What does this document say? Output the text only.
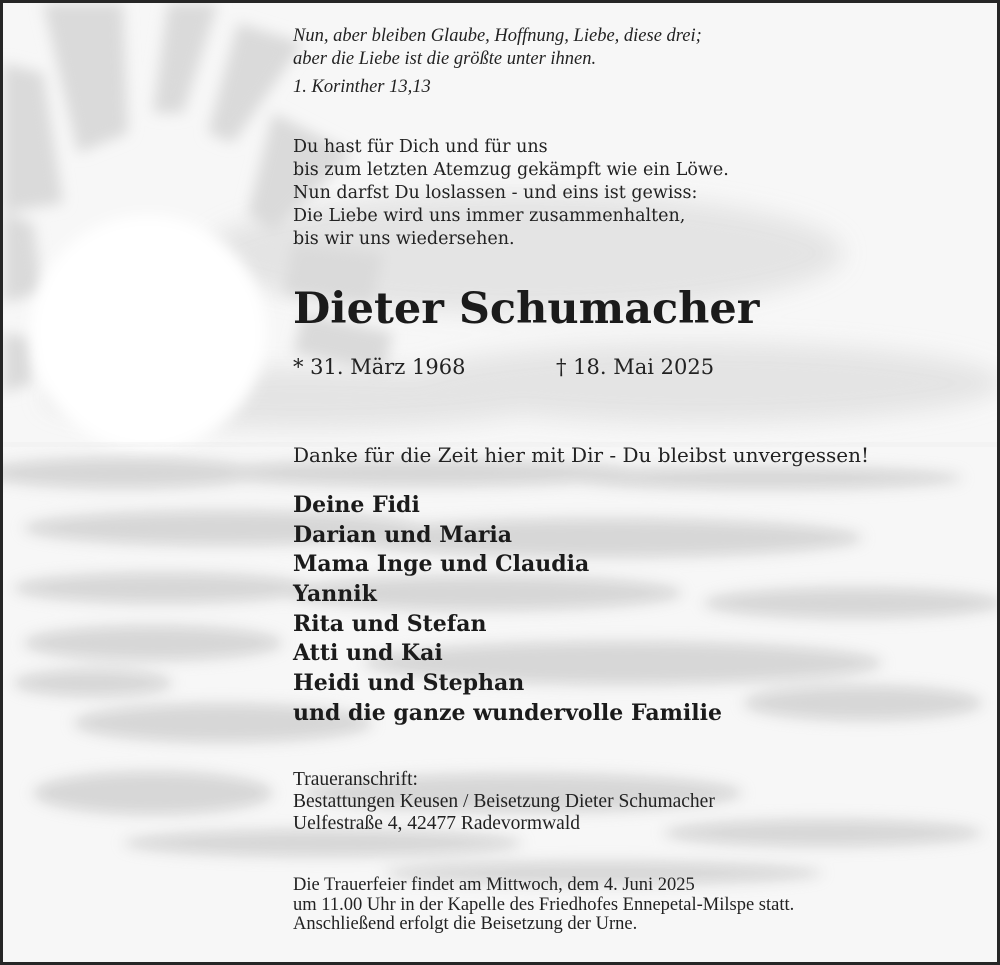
Nun, aber bleiben Glaube, Hoffnung, Liebe, diese drei;
aber die Liebe ist die größte unter ihnen.
1. Korinther 13,13
Du hast für Dich und für uns
bis zum letzten Atemzug gekämpft wie ein Löwe.
Nun darfst Du loslassen - und eins ist gewiss:
Die Liebe wird uns immer zusammenhalten,
bis wir uns wiedersehen.
Dieter Schumacher
* 31. März 1968	† 18. Mai 2025
Danke für die Zeit hier mit Dir - Du bleibst unvergessen!
Deine Fidi
Darian und Maria
Mama Inge und Claudia
Yannik
Rita und Stefan
Atti und Kai
Heidi und Stephan
und die ganze wundervolle Familie
Traueranschrift:
Bestattungen Keusen / Beisetzung Dieter Schumacher
Uelfestraße 4, 42477 Radevormwald
Die Trauerfeier findet am Mittwoch, dem 4. Juni 2025
um 11.00 Uhr in der Kapelle des Friedhofes Ennepetal-Milspe statt.
Anschließend erfolgt die Beisetzung der Urne.
